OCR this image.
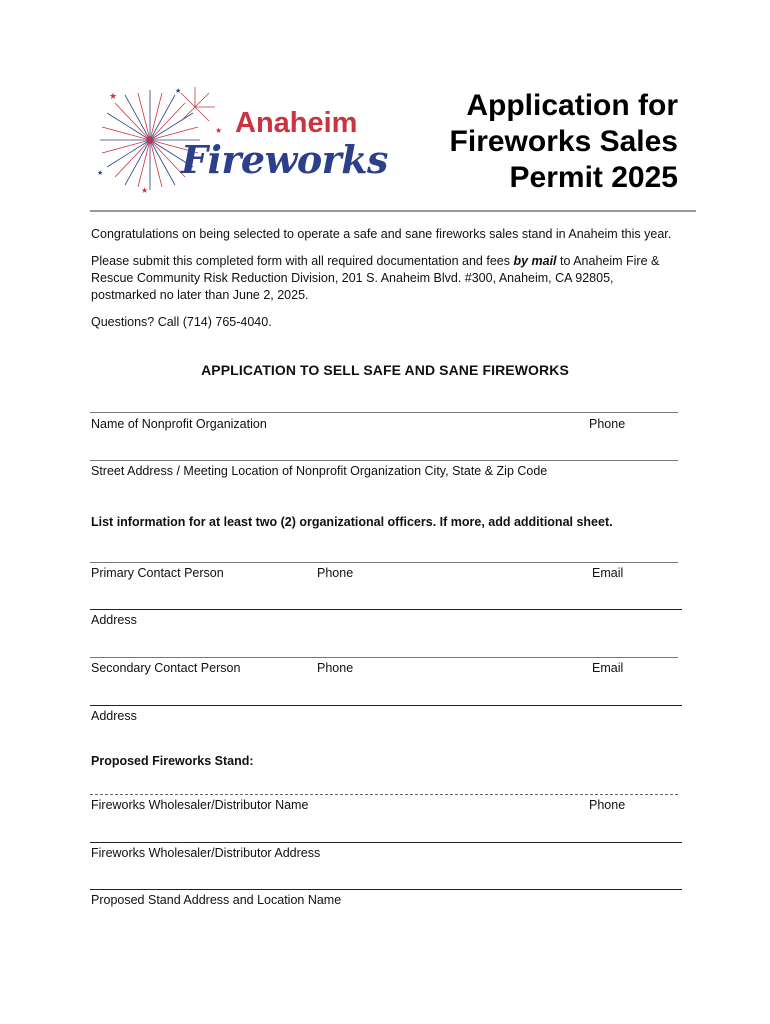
★
★
★
★
★
Anaheim
Fireworks
Application for
Fireworks Sales
Permit 2025

Congratulations on being selected to operate a safe and sane fireworks sales stand in Anaheim this year.

Please submit this completed form with all required documentation and fees by mail to Anaheim Fire &
Rescue Community Risk Reduction Division, 201 S. Anaheim Blvd. #300, Anaheim, CA 92805,
postmarked no later than June 2, 2025.

Questions? Call (714) 765-4040.

APPLICATION TO SELL SAFE AND SANE FIREWORKS
Name of Nonprofit Organization	Phone
Street Address / Meeting Location of Nonprofit Organization City, State & Zip Code
List information for at least two (2) organizational officers. If more, add additional sheet.
Primary Contact Person	Phone	Email
Address
Secondary Contact Person	Phone	Email
Address
Proposed Fireworks Stand:
Fireworks Wholesaler/Distributor Name	Phone
Fireworks Wholesaler/Distributor Address
Proposed Stand Address and Location Name
